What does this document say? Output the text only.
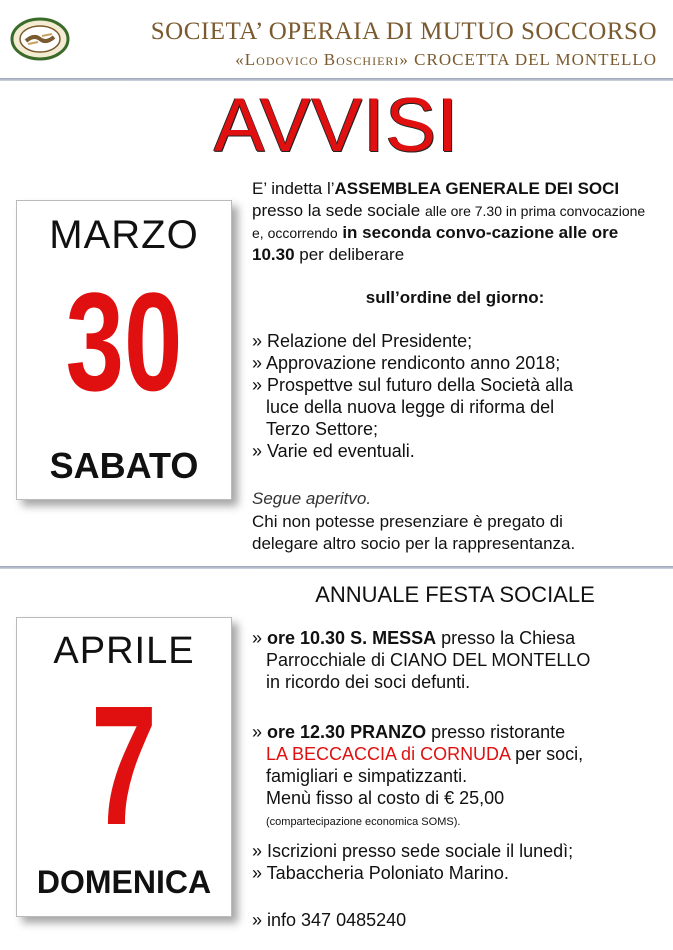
SOCIETA’ OPERAIA DI MUTUO SOCCORSO
«Lodovico Boschieri» CROCETTA DEL MONTELLO
AVVISI
MARZO
30
SABATO
E’ indetta l’ASSEMBLEA GENERALE DEI SOCI presso la sede sociale alle ore 7.30 in prima convocazione e, occorrendo in seconda convo-cazione alle ore 10.30 per deliberare
sull’ordine del giorno:
» Relazione del Presidente;
» Approvazione rendiconto anno 2018;
» Prospettve sul futuro della Società alla
luce della nuova legge di riforma del
Terzo Settore;
» Varie ed eventuali.
Segue aperitvo.
Chi non potesse presenziare è pregato di
delegare altro socio per la rappresentanza.
ANNUALE FESTA SOCIALE
APRILE
7
DOMENICA
» ore 10.30 S. MESSA presso la Chiesa
Parrocchiale di CIANO DEL MONTELLO
in ricordo dei soci defunti.
» ore 12.30 PRANZO presso ristorante
LA BECCACCIA di CORNUDA per soci,
famigliari e simpatizzanti.
Menù fisso al costo di € 25,00
(compartecipazione economica SOMS).
» Iscrizioni presso sede sociale il lunedì;
» Tabaccheria Poloniato Marino.
» info 347 0485240
